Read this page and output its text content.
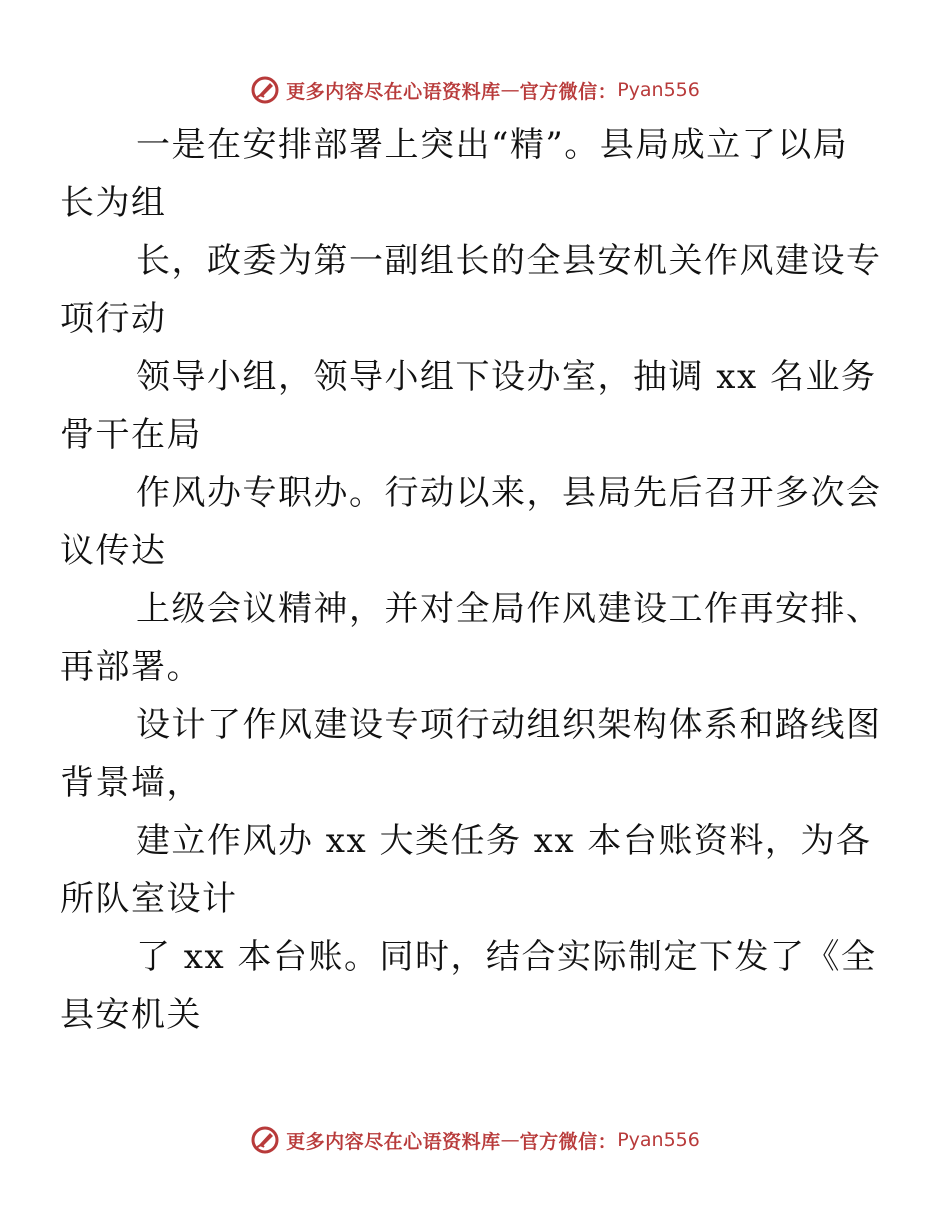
更多内容尽在心语资料库 — 官方微信： Pyan556

一是在安排部署上突出“精”。县局成立了以局
长为组

长，政委为第一副组长的全县安机关作风建设专
项行动

领导小组，领导小组下设办室，抽调 xx 名业务
骨干在局

作风办专职办。行动以来，县局先后召开多次会
议传达

上级会议精神，并对全局作风建设工作再安排、
再部署。

设计了作风建设专项行动组织架构体系和路线图
背景墙，

建立作风办 xx 大类任务 xx 本台账资料，为各
所队室设计

了 xx 本台账。同时，结合实际制定下发了《全
县安机关

更多内容尽在心语资料库 — 官方微信： Pyan556
